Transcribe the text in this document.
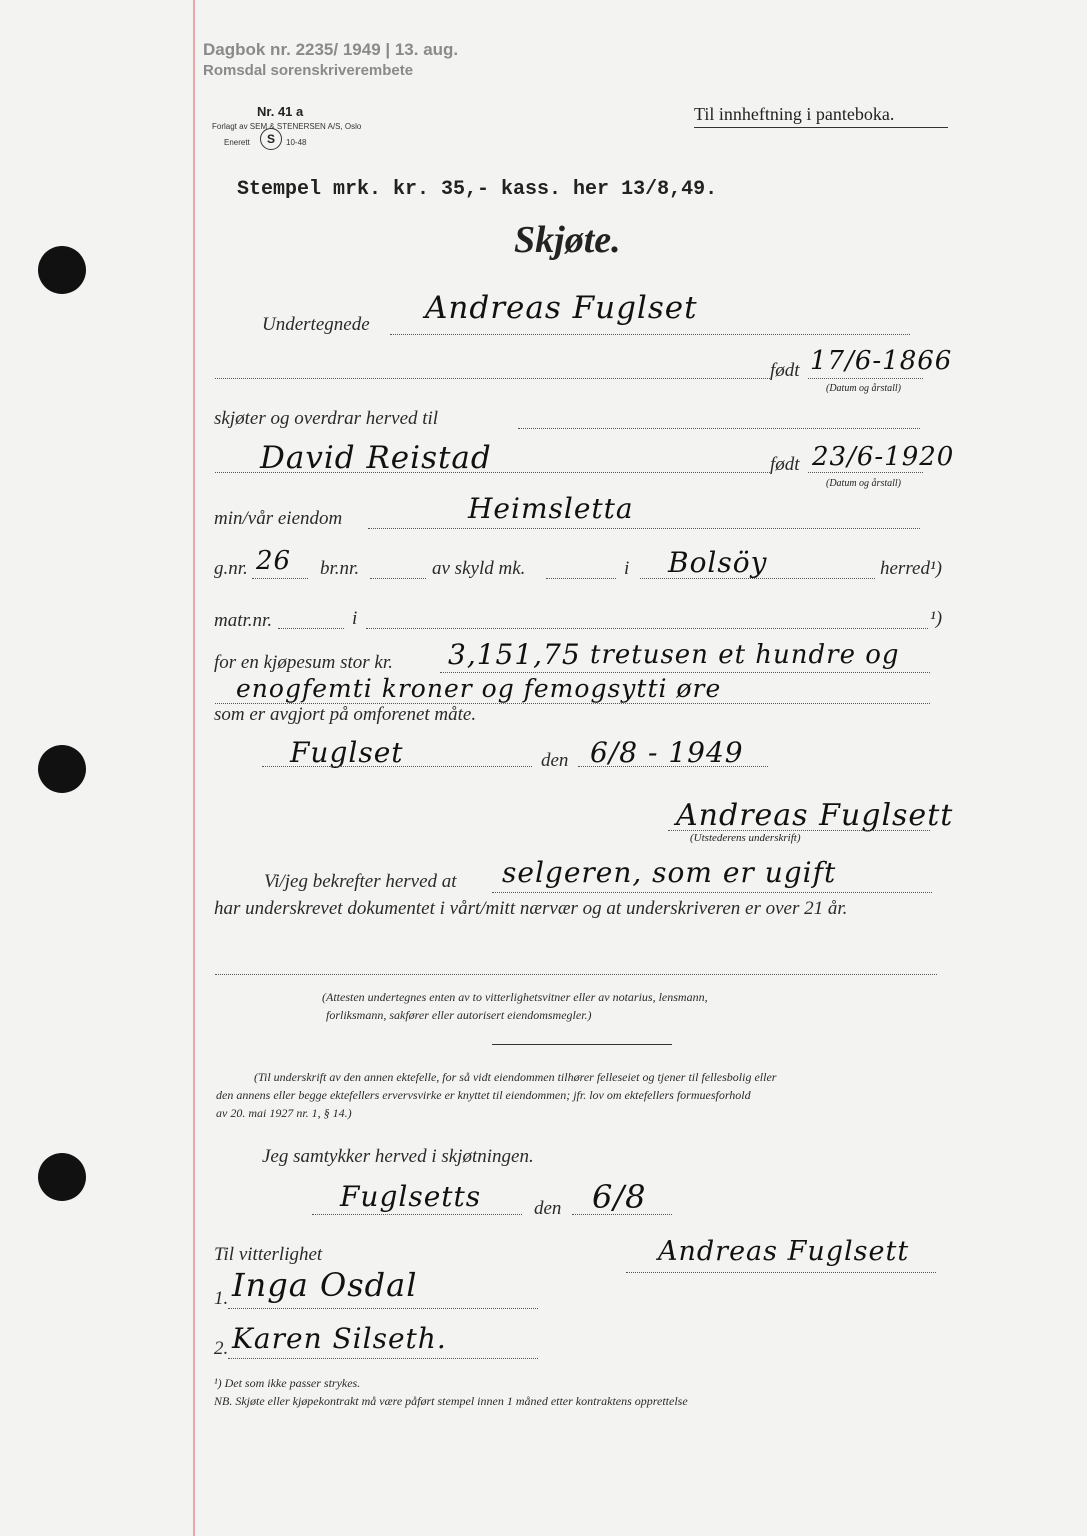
Dagbok nr. 2235/ 1949 | 13. aug.
Romsdal sorenskriverembete
Nr. 41 a
Forlagt av SEM & STENERSEN A/S, Oslo
Enerett	S	10-48
Til innheftning i panteboka.
Stempel mrk. kr. 35,- kass. her 13/8,49.
Skjøte.
Undertegnede Andreas Fuglset
født 17/6-1866
(Datum og årstall)
skjøter og overdrar herved til
David Reistad	født 23/6-1920
(Datum og årstall)
min/vår eiendom	Heimsletta
g.nr. 26 br.nr.	av skyld mk.	i Bolsöy	herred¹)
matr.nr.	i	¹)
for en kjøpesum stor kr. 3,151,75 tretusen et hundre og
enogfemti kroner og femogsytti øre
som er avgjort på omforenet måte.
Fuglset	den 6/8 - 1949
Andreas Fuglsett
(Utstederens underskrift)
Vi/jeg bekrefter herved at selgeren, som er ugift
har underskrevet dokumentet i vårt/mitt nærvær og at underskriveren er over 21 år.
(Attesten undertegnes enten av to vitterlighetsvitner eller av notarius, lensmann,
forliksmann, sakfører eller autorisert eiendomsmegler.)
(Til underskrift av den annen ektefelle, for så vidt eiendommen tilhører felleseiet og tjener til fellesbolig eller
den annens eller begge ektefellers ervervsvirke er knyttet til eiendommen; jfr. lov om ektefellers formuesforhold
av 20. mai 1927 nr. 1, § 14.)
Jeg samtykker herved i skjøtningen.
Fuglsetts	den 6/8
Andreas Fuglsett
Til vitterlighet
1. Inga Osdal
2. Karen Silseth.
¹) Det som ikke passer strykes.
NB. Skjøte eller kjøpekontrakt må være påført stempel innen 1 måned etter kontraktens opprettelse
